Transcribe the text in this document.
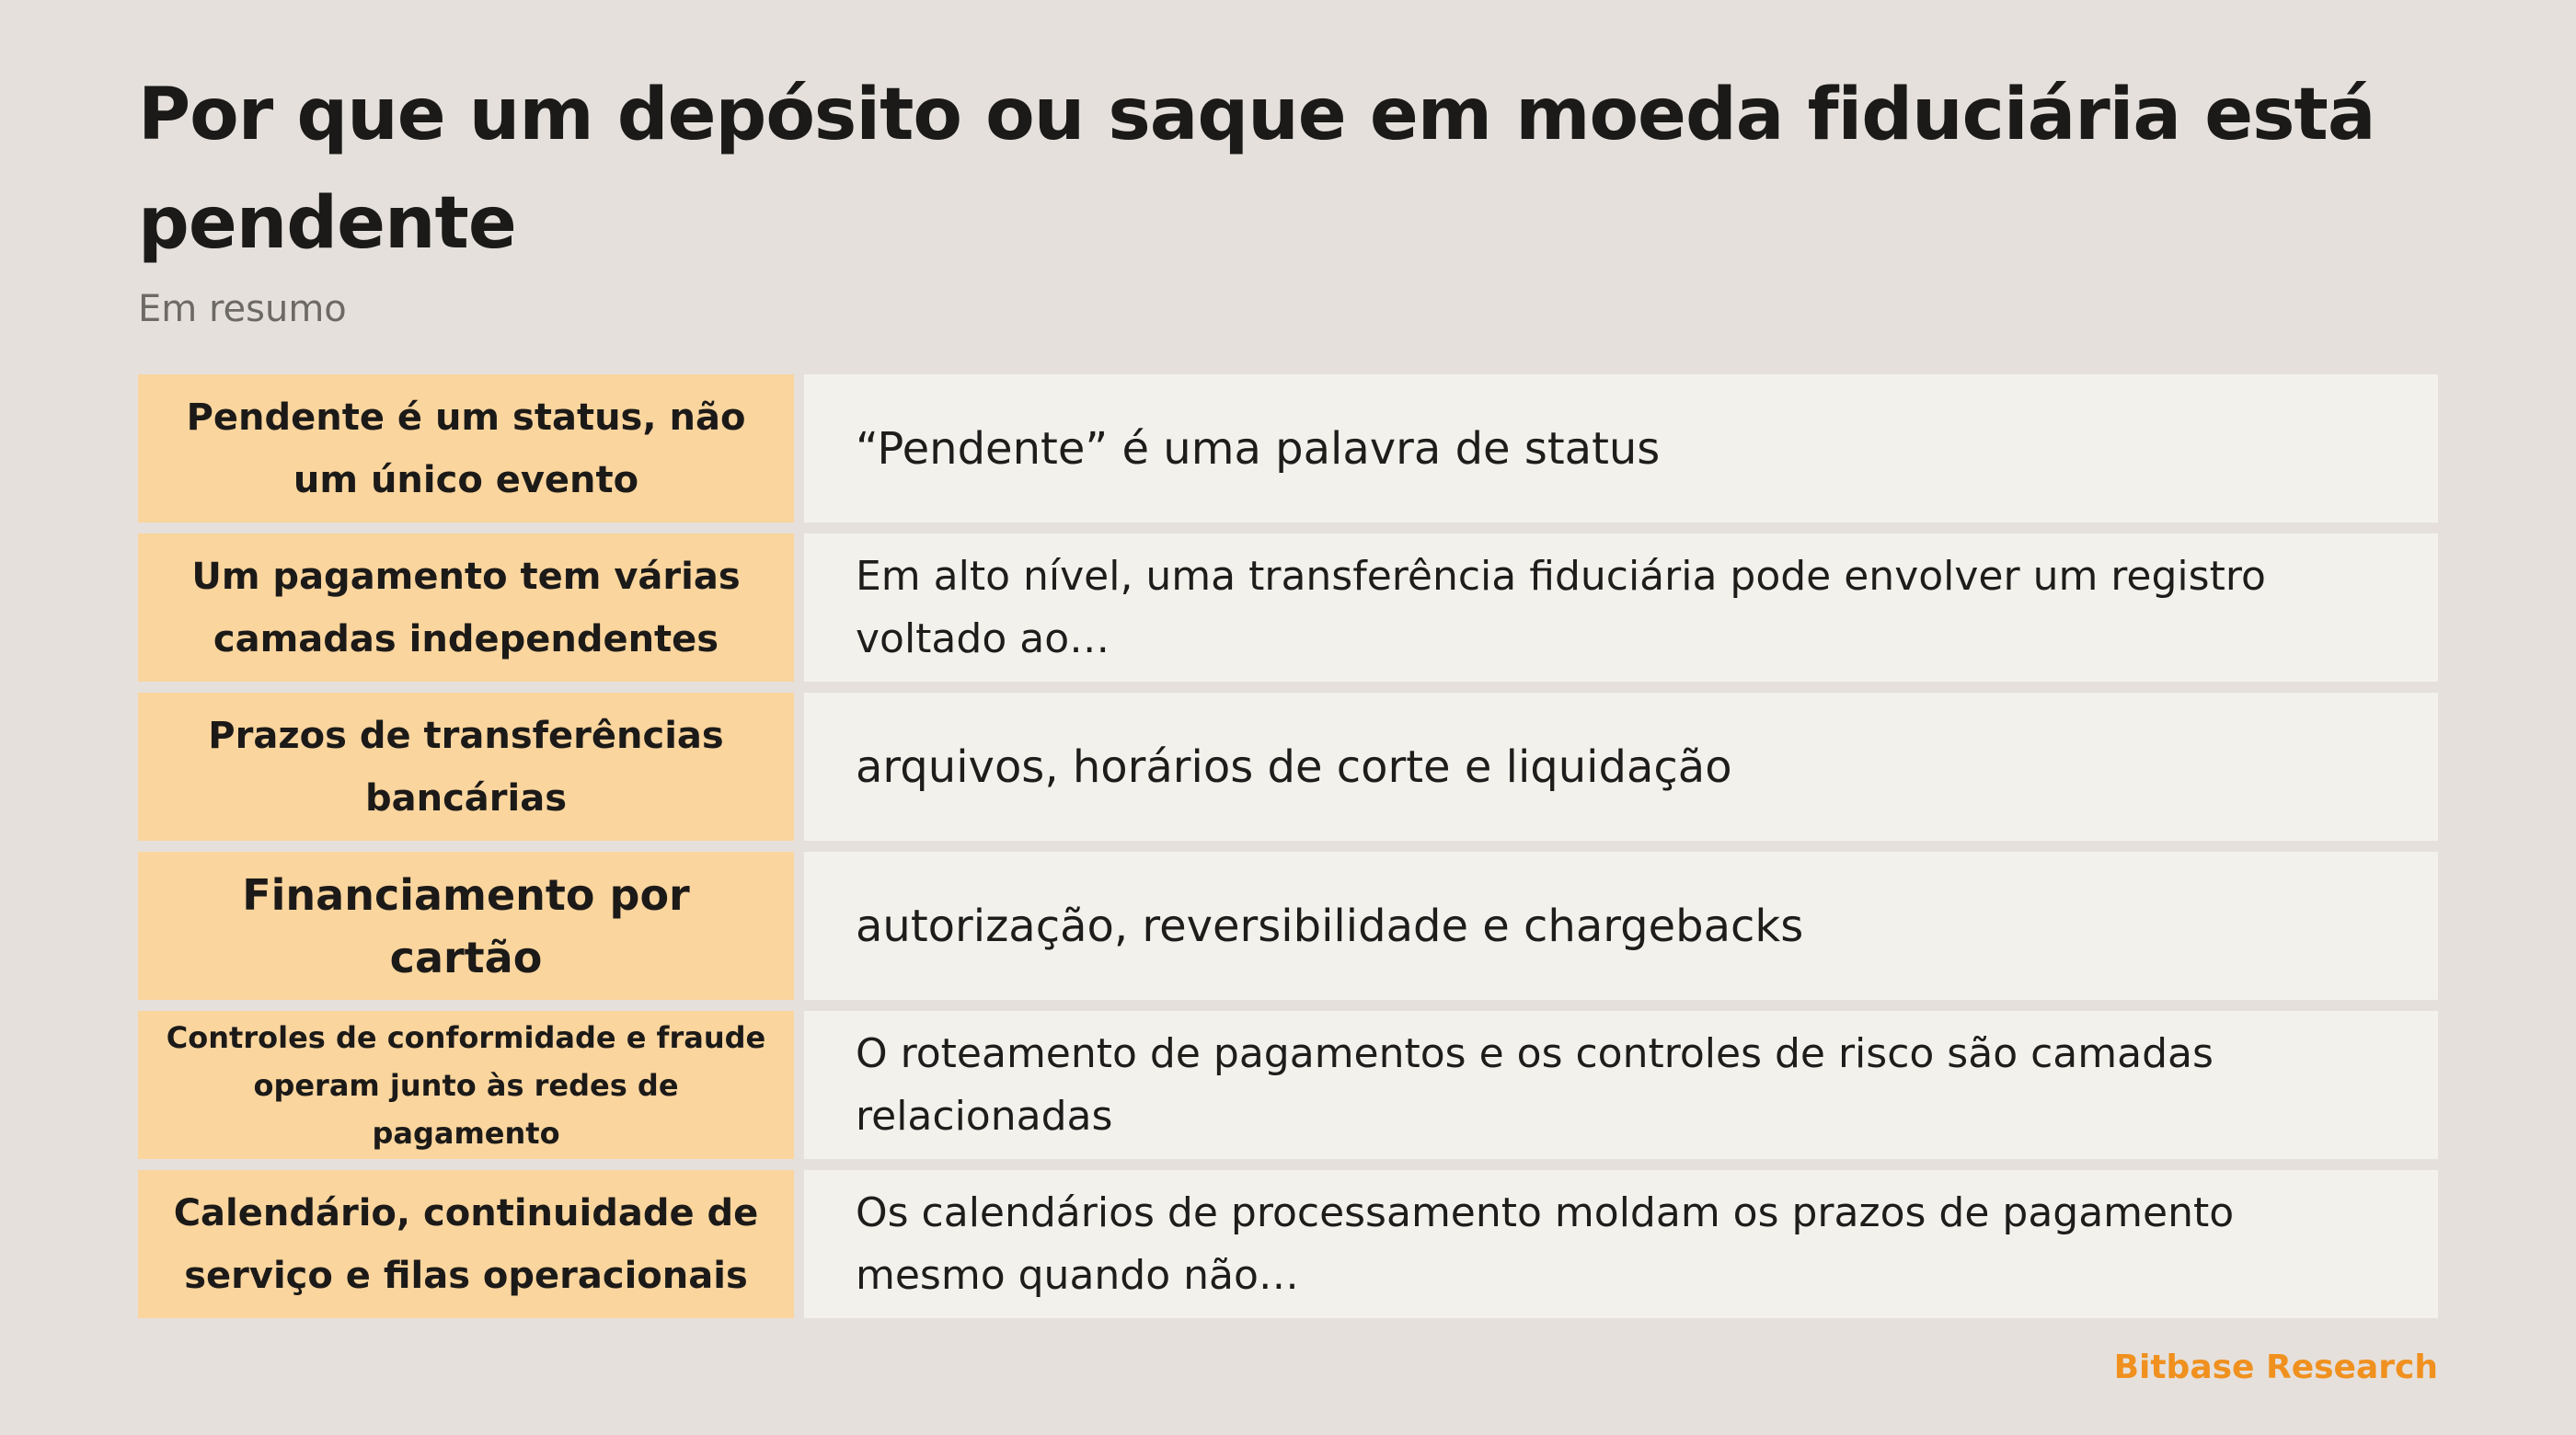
Por que um depósito ou saque em moeda fiduciária está pendente
Em resumo
Pendente é um status, não um único evento
“Pendente” é uma palavra de status
Um pagamento tem várias camadas independentes
Em alto nível, uma transferência fiduciária pode envolver um registro voltado ao…
Prazos de transferências bancárias
arquivos, horários de corte e liquidação
Financiamento por cartão
autorização, reversibilidade e chargebacks
Controles de conformidade e fraude operam junto às redes de pagamento
O roteamento de pagamentos e os controles de risco são camadas relacionadas
Calendário, continuidade de serviço e filas operacionais
Os calendários de processamento moldam os prazos de pagamento mesmo quando não…
Bitbase Research
